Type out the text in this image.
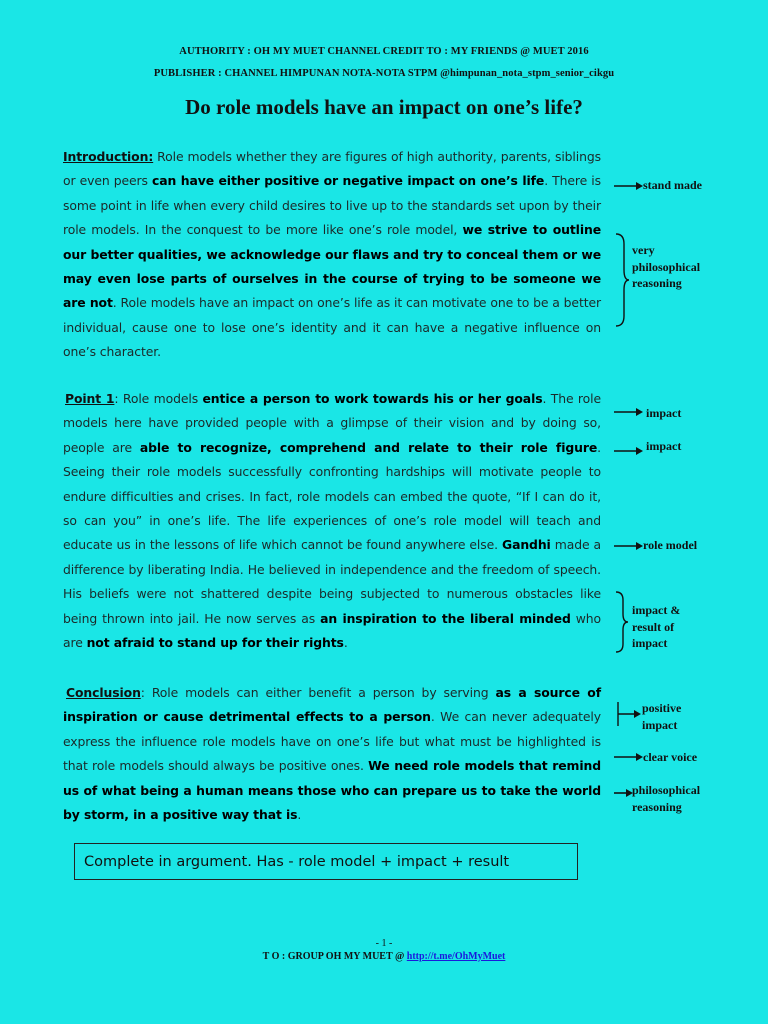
AUTHORITY : OH MY MUET CHANNEL CREDIT TO : MY FRIENDS @ MUET 2016
PUBLISHER : CHANNEL HIMPUNAN NOTA-NOTA STPM @himpunan_nota_stpm_senior_cikgu
Do role models have an impact on one’s life?

Introduction: Role models whether they are figures of high authority, parents, siblings or even peers can have either positive or negative impact on one’s life. There is some point in life when every child desires to live up to the standards set upon by their role models. In the conquest to be more like one’s role model, we strive to outline our better qualities, we acknowledge our flaws and try to conceal them or we may even lose parts of ourselves in the course of trying to be someone we are not. Role models have an impact on one’s life as it can motivate one to be a better individual, cause one to lose one’s identity and it can have a negative influence on one’s character.

Point 1: Role models entice a person to work towards his or her goals. The role models here have provided people with a glimpse of their vision and by doing so, people are able to recognize, comprehend and relate to their role figure. Seeing their role models successfully confronting hardships will motivate people to endure difficulties and crises. In fact, role models can embed the quote, “If I can do it, so can you” in one’s life. The life experiences of one’s role model will teach and educate us in the lessons of life which cannot be found anywhere else. Gandhi made a difference by liberating India. He believed in independence and the freedom of speech. His beliefs were not shattered despite being subjected to numerous obstacles like being thrown into jail. He now serves as an inspiration to the liberal minded who are not afraid to stand up for their rights.

Conclusion: Role models can either benefit a person by serving as a source of inspiration or cause detrimental effects to a person. We can never adequately express the influence role models have on one’s life but what must be highlighted is that role models should always be positive ones. We need role models that remind us of what being a human means those who can prepare us to take the world by storm, in a positive way that is.

stand made
very
philosophical
reasoning
impact
impact
role model
impact &
result of
impact
positive
impact
clear voice
philosophical
reasoning
Complete in argument. Has - role model + impact + result
- 1 -
T O : GROUP OH MY MUET @ http://t.me/OhMyMuet
